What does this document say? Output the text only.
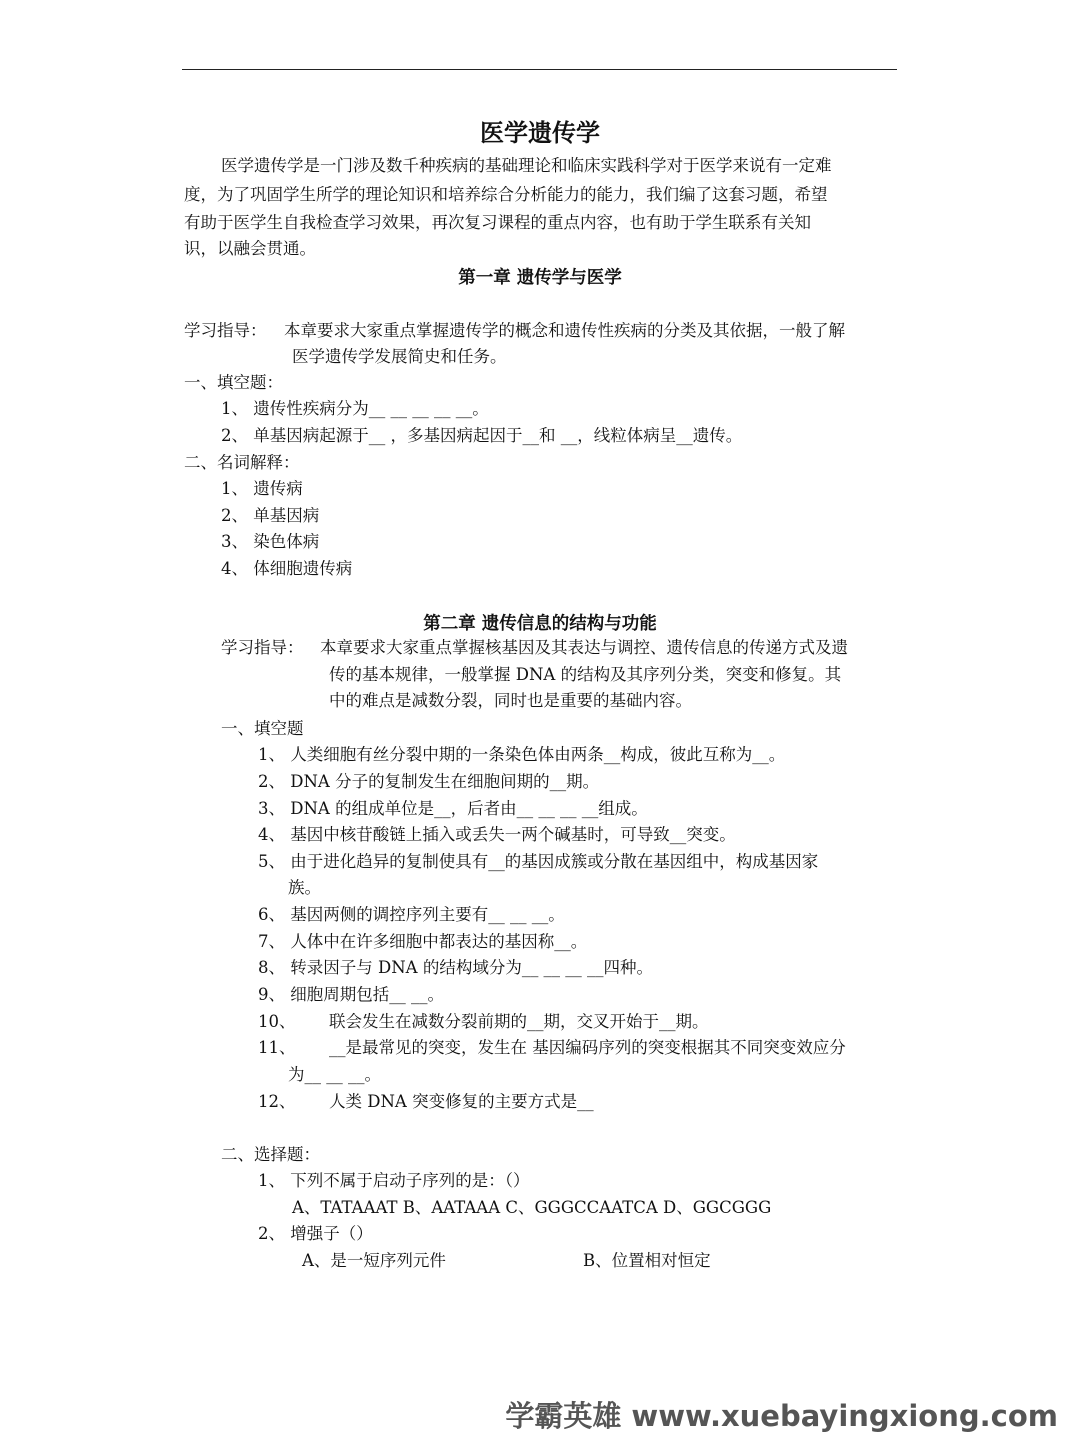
医学遗传学
医学遗传学是一门涉及数千种疾病的基础理论和临床实践科学对于医学来说有一定难
度，为了巩固学生所学的理论知识和培养综合分析能力的能力，我们编了这套习题，希望
有助于医学生自我检查学习效果，再次复习课程的重点内容，也有助于学生联系有关知
识，以融会贯通。
第一章 遗传学与医学
学习指导： 本章要求大家重点掌握遗传学的概念和遗传性疾病的分类及其依据，一般了解
医学遗传学发展简史和任务。
一、填空题：
1、 遗传性疾病分为__ __ __ __ __。
2、 单基因病起源于__ ，多基因病起因于__和 __，线粒体病呈__遗传。
二、名词解释：
1、 遗传病
2、 单基因病
3、 染色体病
4、 体细胞遗传病
第二章 遗传信息的结构与功能
学习指导： 本章要求大家重点掌握核基因及其表达与调控、遗传信息的传递方式及遗
传的基本规律，一般掌握 DNA 的结构及其序列分类，突变和修复。其
中的难点是减数分裂，同时也是重要的基础内容。
一、填空题
1、 人类细胞有丝分裂中期的一条染色体由两条__构成，彼此互称为__。
2、 DNA 分子的复制发生在细胞间期的__期。
3、 DNA 的组成单位是__，后者由__ __ __ __组成。
4、 基因中核苷酸链上插入或丢失一两个碱基时，可导致__突变。
5、 由于进化趋异的复制使具有__的基因成簇或分散在基因组中，构成基因家
族。
6、 基因两侧的调控序列主要有__ __ __。
7、 人体中在许多细胞中都表达的基因称__。
8、 转录因子与 DNA 的结构域分为__ __ __ __四种。
9、 细胞周期包括__ __。
10、 联会发生在减数分裂前期的__期，交叉开始于__期。
11、 __是最常见的突变，发生在 基因编码序列的突变根据其不同突变效应分
为__ __ __。
12、 人类 DNA 突变修复的主要方式是__
二、选择题：
1、 下列不属于启动子序列的是：（）
A、TATAAAT B、AATAAA C、GGGCCAATCA D、GGCGGG
2、 增强子（）
A、是一短序列元件	B、位置相对恒定
学霸英雄 www.xuebayingxiong.com
